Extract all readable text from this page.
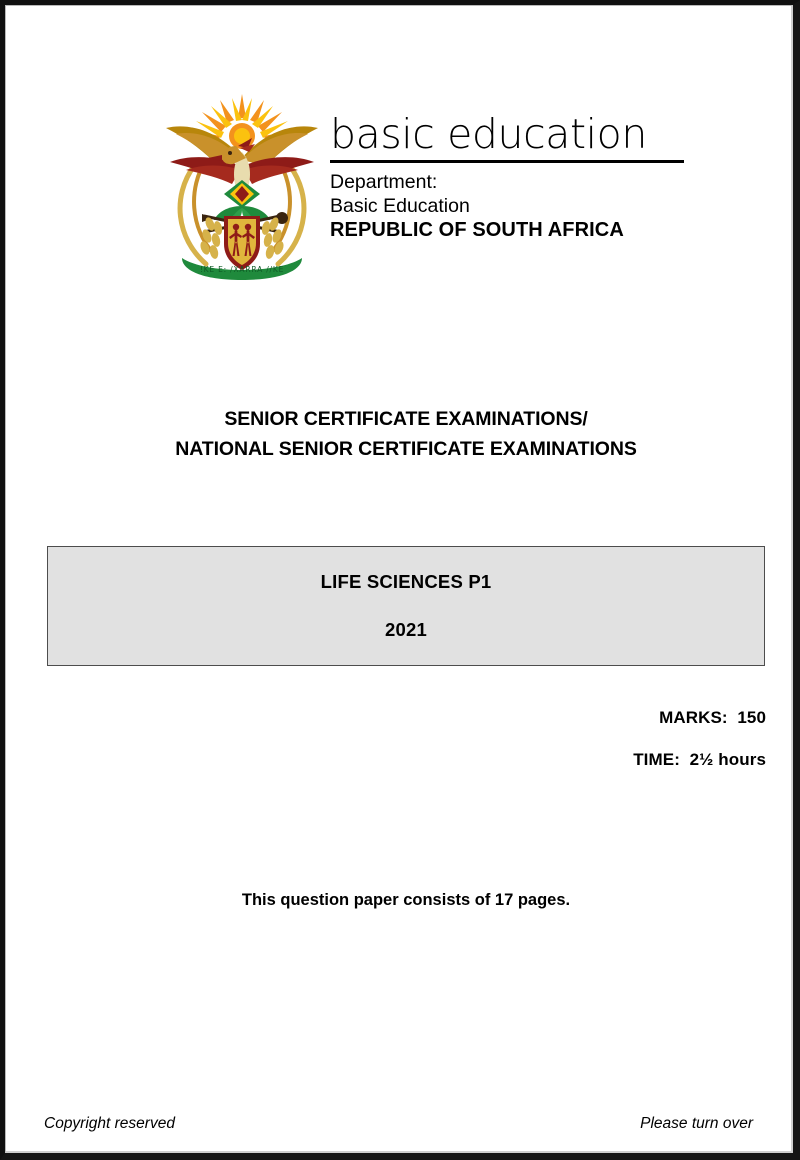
!KE E: /XARRA //KE
basic education
Department:
Basic Education
REPUBLIC OF SOUTH AFRICA
SENIOR CERTIFICATE EXAMINATIONS/
NATIONAL SENIOR CERTIFICATE EXAMINATIONS
LIFE SCIENCES P1
2021
MARKS:  150
TIME:  2½ hours
This question paper consists of 17 pages.
Copyright reserved	Please turn over
